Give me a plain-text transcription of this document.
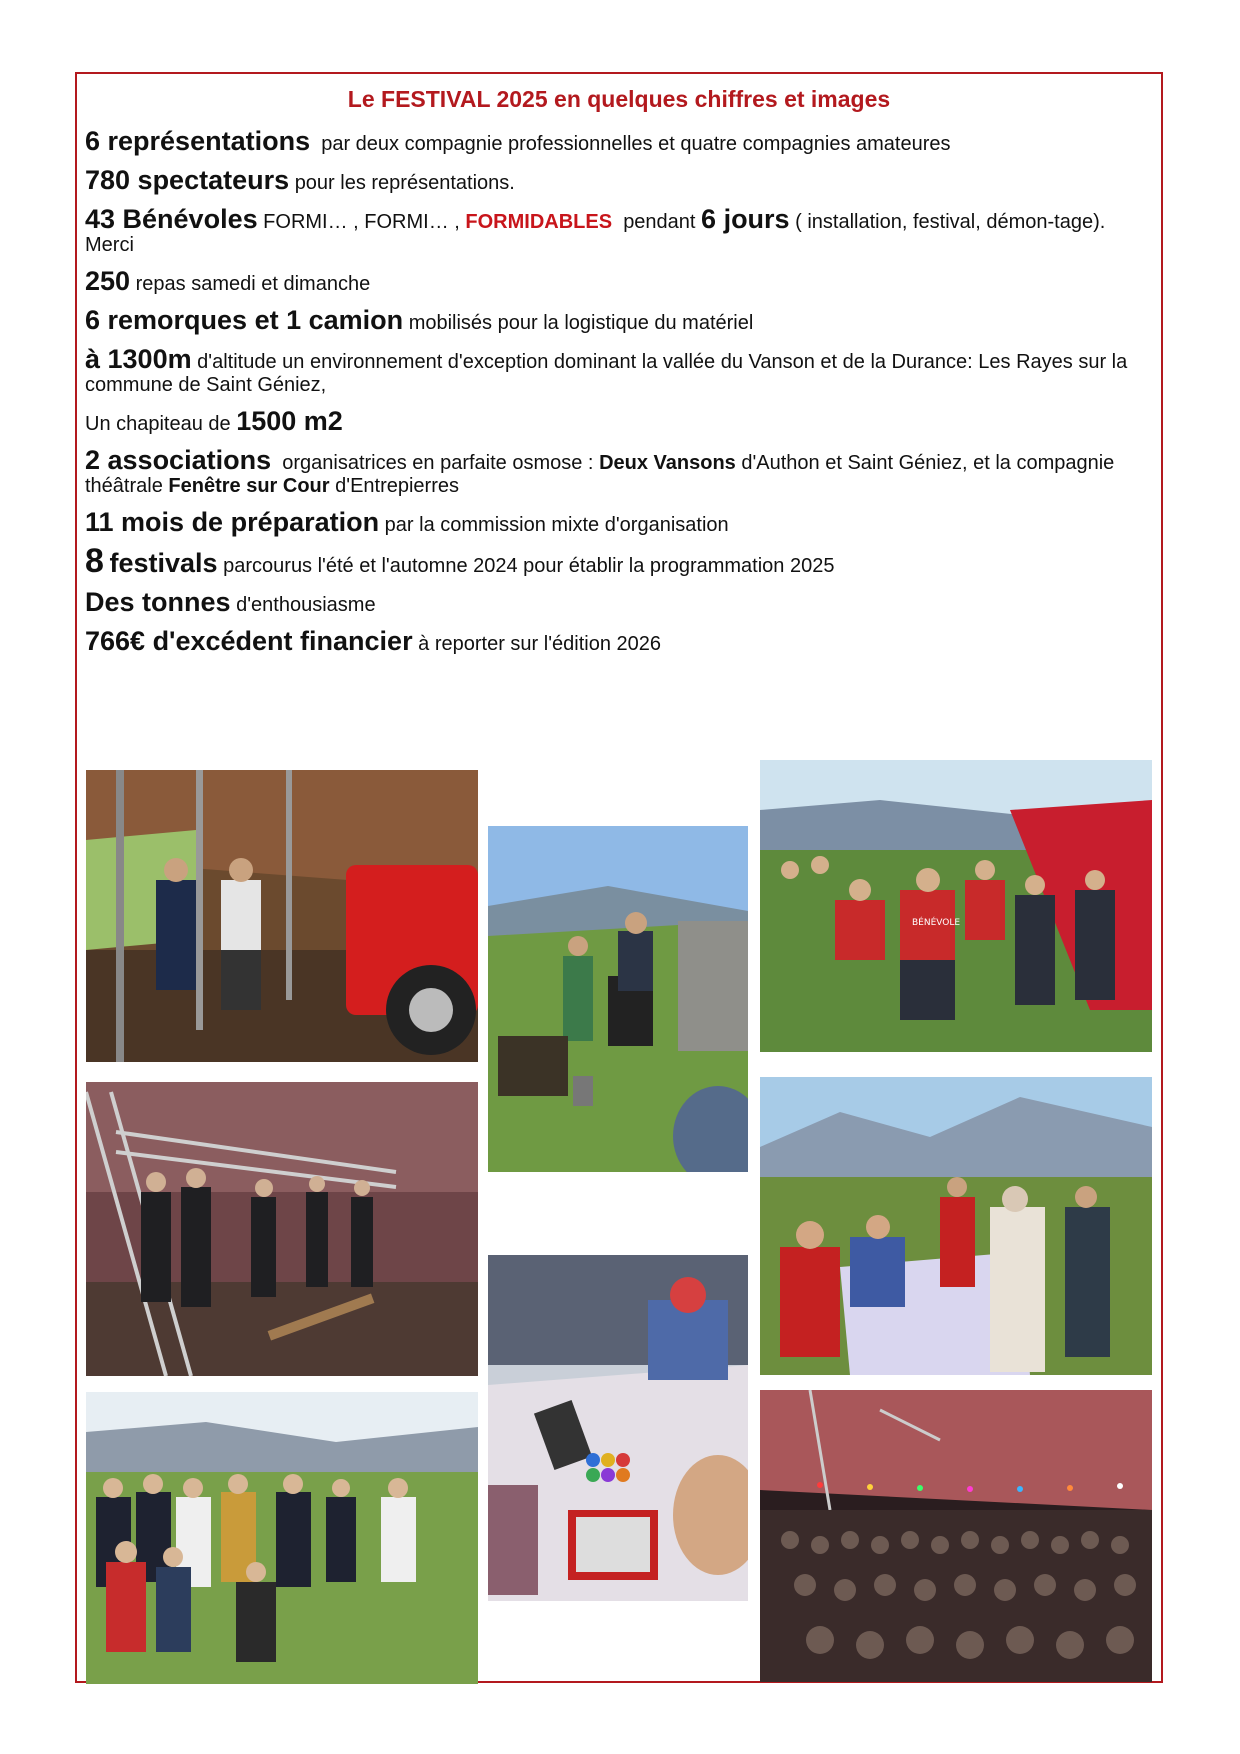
Le FESTIVAL 2025 en quelques chiffres et images

6 représentations par deux compagnie professionnelles et quatre compagnies amateures

780 spectateurs pour les représentations.

43 Bénévoles FORMI… , FORMI… , FORMIDABLES pendant 6 jours ( installation, festival, démon-tage). Merci

250 repas samedi et dimanche

6 remorques et 1 camion mobilisés pour la logistique du matériel

à 1300m d'altitude un environnement d'exception dominant la vallée du Vanson et de la Durance: Les Rayes sur la commune de Saint Géniez,

Un chapiteau de 1500 m2

2 associations organisatrices en parfaite osmose : Deux Vansons d'Authon et Saint Géniez, et la compagnie théâtrale Fenêtre sur Cour d'Entrepierres

11 mois de préparation par la commission mixte d'organisation

8 festivals parcourus l'été et l'automne 2024 pour établir la programmation 2025

Des tonnes d'enthousiasme

766€ d'excédent financier à reporter sur l'édition 2026

BÉNÉVOLE
